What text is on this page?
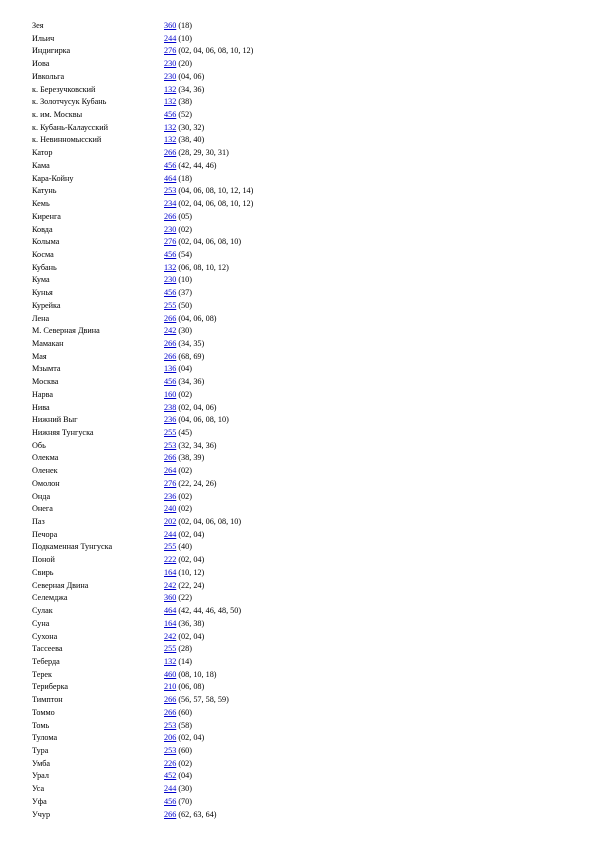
Зея	360 (18)
Ильич	244 (10)
Индигирка	276 (02, 04, 06, 08, 10, 12)
Иова	230 (20)
Ивкольга	230 (04, 06)
к. Березучковский	132 (34, 36)
к. Золотчусук Кубань	132 (38)
к. им. Москвы	456 (52)
к. Кубань-Калаусский	132 (30, 32)
к. Невинномысский	132 (38, 40)
Катор	266 (28, 29, 30, 31)
Кама	456 (42, 44, 46)
Кара-Койну	464 (18)
Катунь	253 (04, 06, 08, 10, 12, 14)
Кемь	234 (02, 04, 06, 08, 10, 12)
Киренга	266 (05)
Ковда	230 (02)
Колыма	276 (02, 04, 06, 08, 10)
Косма	456 (54)
Кубань	132 (06, 08, 10, 12)
Кума	230 (10)
Кунья	456 (37)
Курейка	255 (50)
Лена	266 (04, 06, 08)
М. Северная Двина	242 (30)
Мамакан	266 (34, 35)
Мая	266 (68, 69)
Мзымта	136 (04)
Москва	456 (34, 36)
Нарва	160 (02)
Нива	238 (02, 04, 06)
Нижний Выг	236 (04, 06, 08, 10)
Нижняя Тунгуска	255 (45)
Обь	253 (32, 34, 36)
Олекма	266 (38, 39)
Оленек	264 (02)
Омолон	276 (22, 24, 26)
Онда	236 (02)
Онега	240 (02)
Паз	202 (02, 04, 06, 08, 10)
Печора	244 (02, 04)
Подкаменная Тунгуска	255 (40)
Поной	222 (02, 04)
Свирь	164 (10, 12)
Северная Двина	242 (22, 24)
Селемджа	360 (22)
Сулак	464 (42, 44, 46, 48, 50)
Суна	164 (36, 38)
Сухона	242 (02, 04)
Тассеева	255 (28)
Теберда	132 (14)
Терек	460 (08, 10, 18)
Териберка	210 (06, 08)
Тимптон	266 (56, 57, 58, 59)
Томмо	266 (60)
Томь	253 (58)
Тулома	206 (02, 04)
Тура	253 (60)
Умба	226 (02)
Урал	452 (04)
Уса	244 (30)
Уфа	456 (70)
Учур	266 (62, 63, 64)
